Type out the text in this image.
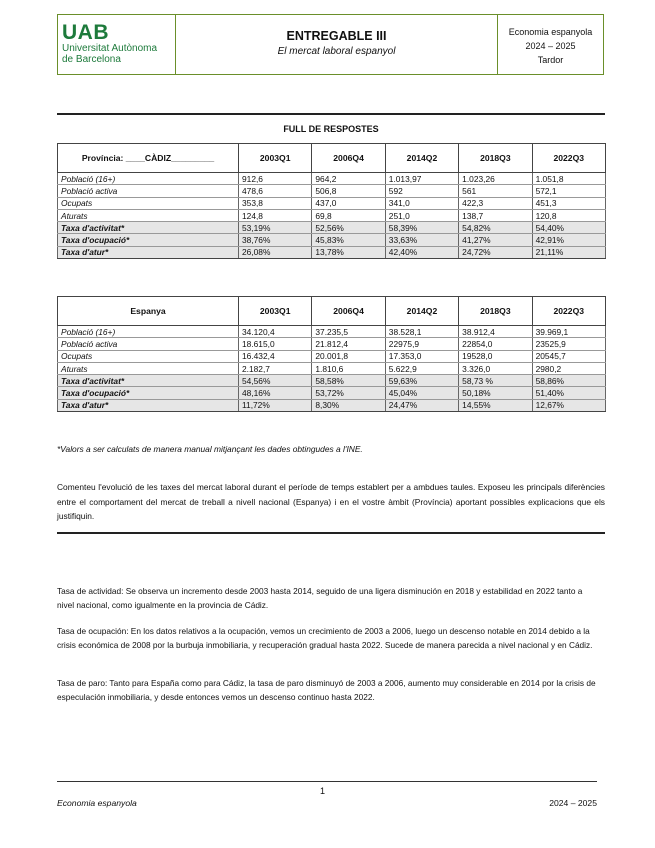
UAB
Universitat Autònoma
de Barcelona
ENTREGABLE III
El mercat laboral espanyol
Economia espanyola
2024 – 2025
Tardor
FULL DE RESPOSTES
Província: ____CÀDIZ_________	2003Q1	2006Q4	2014Q2	2018Q3	2022Q3
Població (16+)	912,6	964,2	1.013,97	1.023,26	1.051,8
Població activa	478,6	506,8	592	561	572,1
Ocupats	353,8	437,0	341,0	422,3	451,3
Aturats	124,8	69,8	251,0	138,7	120,8
Taxa d'activitat*	53,19%	52,56%	58,39%	54,82%	54,40%
Taxa d'ocupació*	38,76%	45,83%	33,63%	41,27%	42,91%
Taxa d'atur*	26,08%	13,78%	42,40%	24,72%	21,11%
Espanya	2003Q1	2006Q4	2014Q2	2018Q3	2022Q3
Població (16+)	34.120,4	37.235,5	38.528,1	38.912,4	39.969,1
Població activa	18.615,0	21.812,4	22975,9	22854,0	23525,9
Ocupats	16.432,4	20.001,8	17.353,0	19528,0	20545,7
Aturats	2.182,7	1.810,6	5.622,9	3.326,0	2980,2
Taxa d'activitat*	54,56%	58,58%	59,63%	58,73 %	58,86%
Taxa d'ocupació*	48,16%	53,72%	45,04%	50,18%	51,40%
Taxa d'atur*	11,72%	8,30%	24,47%	14,55%	12,67%
*Valors a ser calculats de manera manual mitjançant les dades obtingudes a l'INE.
Comenteu l'evolució de les taxes del mercat laboral durant el període de temps establert per a ambdues taules. Exposeu les principals diferències entre el comportament del mercat de treball a nivell nacional (Espanya) i en el vostre àmbit (Província) aportant possibles explicacions que els justifiquin.
Tasa de actividad: Se observa un incremento desde 2003 hasta 2014, seguido de una ligera disminución en 2018 y estabilidad en 2022 tanto a nivel nacional, como igualmente en la provincia de Cádiz.
Tasa de ocupación: En los datos relativos a la ocupación, vemos un crecimiento de 2003 a 2006, luego un descenso notable en 2014 debido a la crisis económica de 2008 por la burbuja inmobiliaria, y recuperación gradual hasta 2022. Sucede de manera parecida a nivel nacional y en Cádiz.
Tasa de paro: Tanto para España como para Cádiz, la tasa de paro disminuyó de 2003 a 2006, aumento muy considerable en 2014 por la crisis de especulación inmobiliaria, y desde entonces vemos un descenso continuo hasta 2022.
1
Economia espanyola	2024 – 2025
